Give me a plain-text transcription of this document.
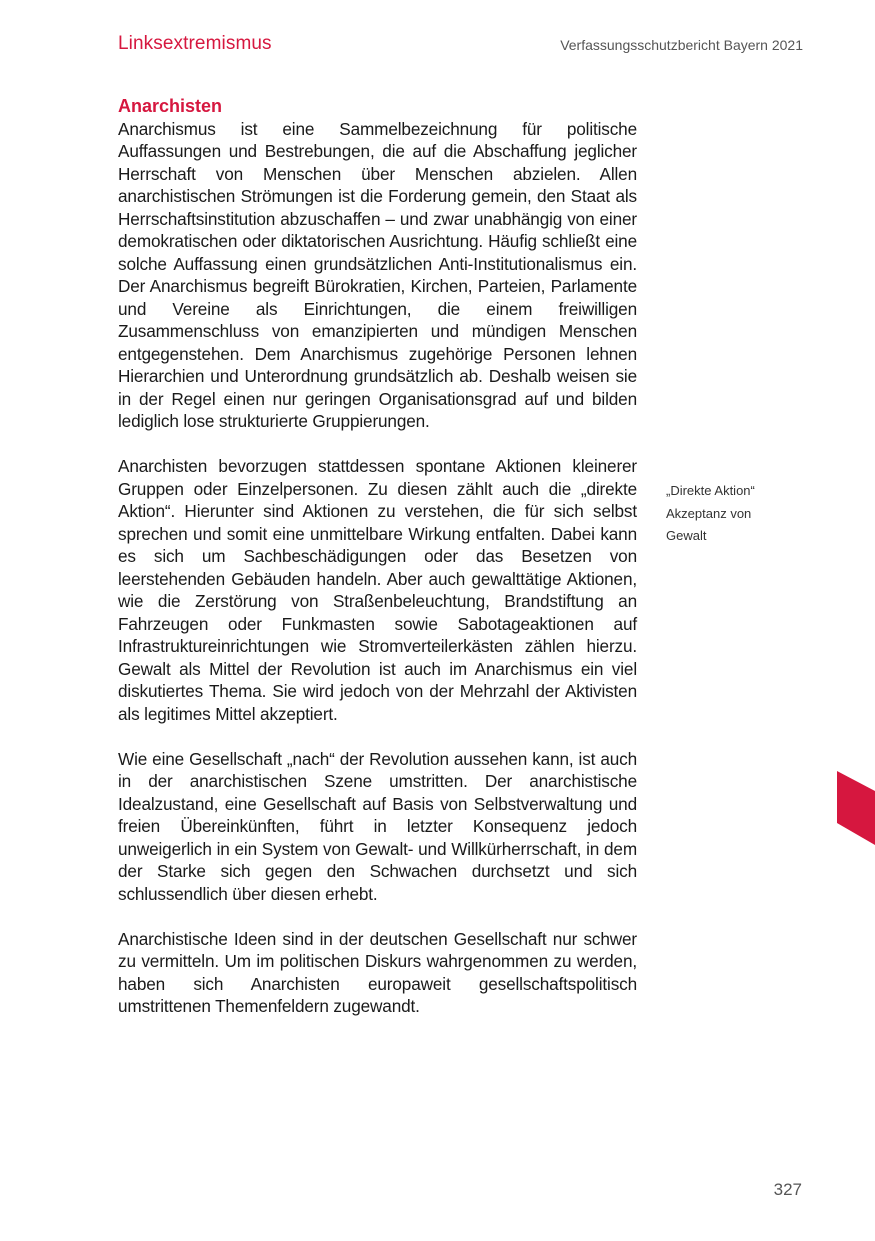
Linksextremismus	Verfassungsschutzbericht Bayern 2021
Anarchisten

Anarchismus ist eine Sammelbezeichnung für politische Auffassungen und Bestrebungen, die auf die Abschaffung jeglicher Herrschaft von Menschen über Menschen abzielen. Allen anarchistischen Strömungen ist die Forderung gemein, den Staat als Herrschaftsinstitution abzuschaffen – und zwar unabhängig von einer demokratischen oder diktatorischen Ausrichtung. Häufig schließt eine solche Auffassung einen grundsätzlichen Anti-Institutionalismus ein. Der Anarchismus begreift Bürokratien, Kirchen, Parteien, Parlamente und Vereine als Einrichtungen, die einem freiwilligen Zusammenschluss von emanzipierten und mündigen Menschen entgegenstehen. Dem Anarchismus zugehörige Personen lehnen Hierarchien und Unterordnung grundsätzlich ab. Deshalb weisen sie in der Regel einen nur geringen Organisationsgrad auf und bilden lediglich lose strukturierte Gruppierungen.

Anarchisten bevorzugen stattdessen spontane Aktionen kleinerer Gruppen oder Einzelpersonen. Zu diesen zählt auch die „direkte Aktion“. Hierunter sind Aktionen zu verstehen, die für sich selbst sprechen und somit eine unmittelbare Wirkung entfalten. Dabei kann es sich um Sachbeschädigungen oder das Besetzen von leerstehenden Gebäuden handeln. Aber auch gewalttätige Aktionen, wie die Zerstörung von Straßenbeleuchtung, Brandstiftung an Fahrzeugen oder Funkmasten sowie Sabotageaktionen auf Infrastruktureinrichtungen wie Stromverteilerkästen zählen hierzu. Gewalt als Mittel der Revolution ist auch im Anarchismus ein viel diskutiertes Thema. Sie wird jedoch von der Mehrzahl der Aktivisten als legitimes Mittel akzeptiert.

Wie eine Gesellschaft „nach“ der Revolution aussehen kann, ist auch in der anarchistischen Szene umstritten. Der anarchistische Idealzustand, eine Gesellschaft auf Basis von Selbstverwaltung und freien Übereinkünften, führt in letzter Konsequenz jedoch unweigerlich in ein System von Gewalt- und Willkürherrschaft, in dem der Starke sich gegen den Schwachen durchsetzt und sich schlussendlich über diesen erhebt.

Anarchistische Ideen sind in der deutschen Gesellschaft nur schwer zu vermitteln. Um im politischen Diskurs wahrgenommen zu werden, haben sich Anarchisten europaweit gesellschaftspolitisch umstrittenen Themenfeldern zugewandt.

„Direkte Aktion“
Akzeptanz von
Gewalt
327
